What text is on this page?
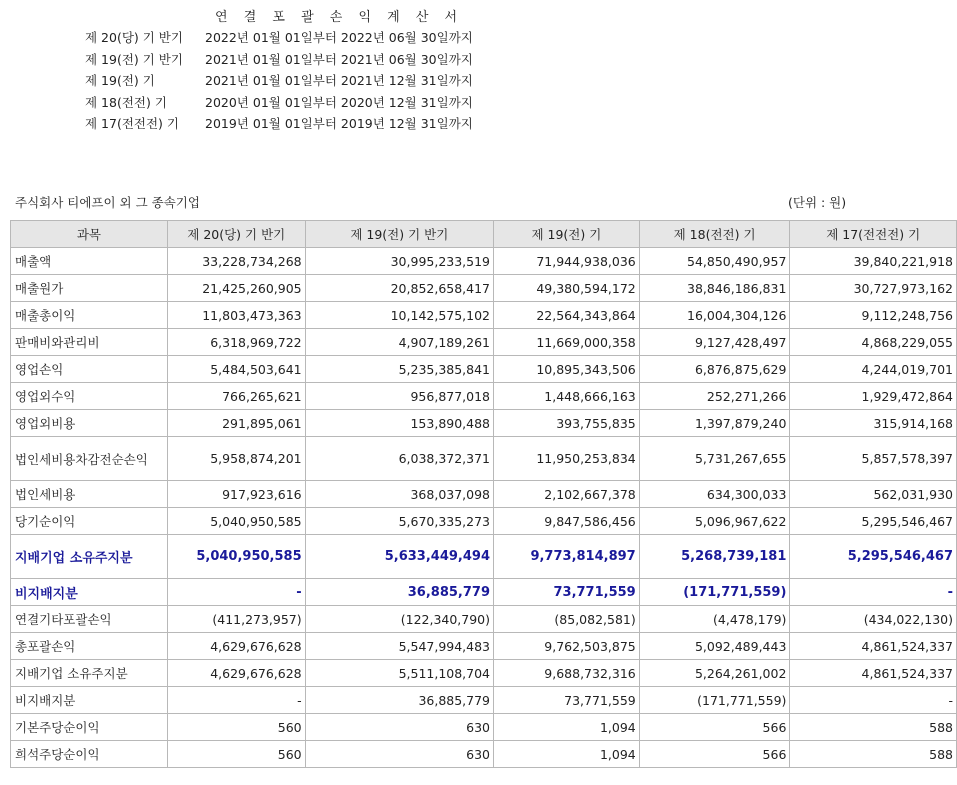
연 결 포 괄 손 익 계 산 서
제 20(당) 기 반기 2022년 01월 01일부터 2022년 06월 30일까지
제 19(전) 기 반기 2021년 01월 01일부터 2021년 06월 30일까지
제 19(전) 기	2021년 01월 01일부터 2021년 12월 31일까지
제 18(전전) 기	2020년 01월 01일부터 2020년 12월 31일까지
제 17(전전전) 기 2019년 01월 01일부터 2019년 12월 31일까지
주식회사 티에프이 외 그 종속기업	(단위 : 원)
과목	제 20(당) 기 반기	제 19(전) 기 반기	제 19(전) 기	제 18(전전) 기	제 17(전전전) 기
매출액	33,228,734,268	30,995,233,519	71,944,938,036	54,850,490,957	39,840,221,918
매출원가	21,425,260,905	20,852,658,417	49,380,594,172	38,846,186,831	30,727,973,162
매출총이익	11,803,473,363	10,142,575,102	22,564,343,864	16,004,304,126	9,112,248,756
판매비와관리비	6,318,969,722	4,907,189,261	11,669,000,358	9,127,428,497	4,868,229,055
영업손익	5,484,503,641	5,235,385,841	10,895,343,506	6,876,875,629	4,244,019,701
영업외수익	766,265,621	956,877,018	1,448,666,163	252,271,266	1,929,472,864
영업외비용	291,895,061	153,890,488	393,755,835	1,397,879,240	315,914,168
법인세비용차감전순손익	5,958,874,201	6,038,372,371	11,950,253,834	5,731,267,655	5,857,578,397
법인세비용	917,923,616	368,037,098	2,102,667,378	634,300,033	562,031,930
당기순이익	5,040,950,585	5,670,335,273	9,847,586,456	5,096,967,622	5,295,546,467
지배기업 소유주지분	5,040,950,585	5,633,449,494	9,773,814,897	5,268,739,181	5,295,546,467
비지배지분	-	36,885,779	73,771,559	(171,771,559)	-
연결기타포괄손익	(411,273,957)	(122,340,790)	(85,082,581)	(4,478,179)	(434,022,130)
총포괄손익	4,629,676,628	5,547,994,483	9,762,503,875	5,092,489,443	4,861,524,337
지배기업 소유주지분	4,629,676,628	5,511,108,704	9,688,732,316	5,264,261,002	4,861,524,337
비지배지분	-	36,885,779	73,771,559	(171,771,559)	-
기본주당순이익	560	630	1,094	566	588
희석주당순이익	560	630	1,094	566	588
